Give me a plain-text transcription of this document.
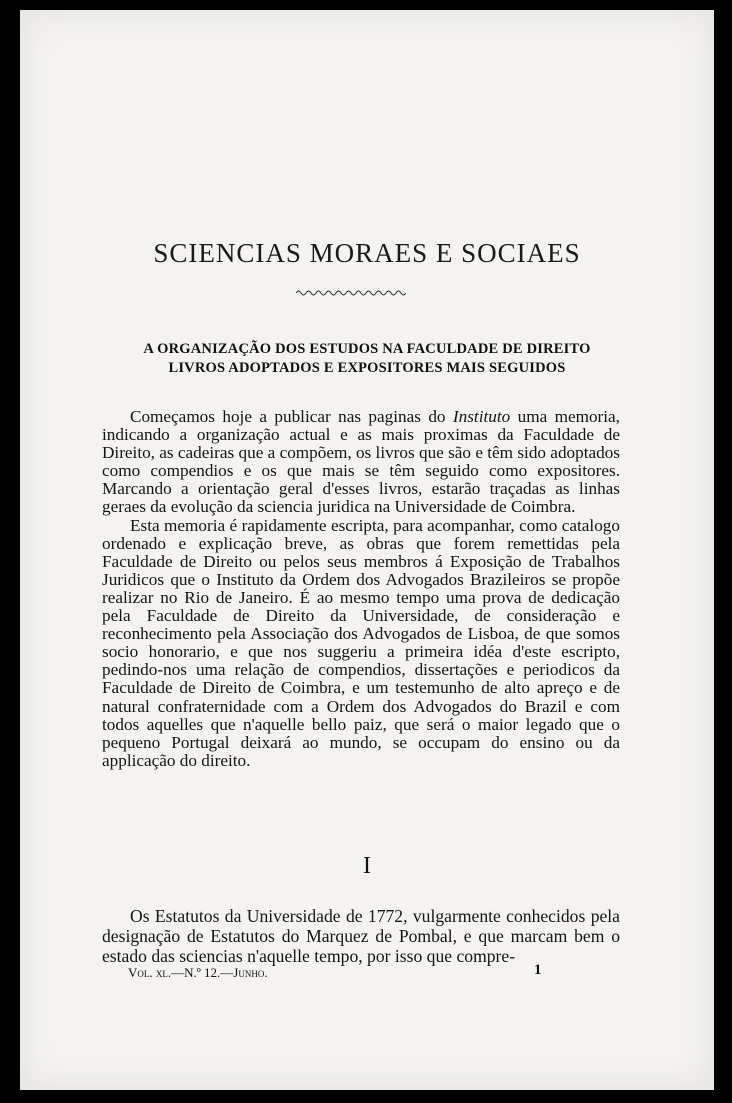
SCIENCIAS MORAES E SOCIAES
A ORGANIZAÇÃO DOS ESTUDOS NA FACULDADE DE DIREITO
LIVROS ADOPTADOS E EXPOSITORES MAIS SEGUIDOS

Começamos hoje a publicar nas paginas do Instituto uma memoria, indicando a organização actual e as mais proximas da Faculdade de Direito, as cadeiras que a compõem, os livros que são e têm sido adoptados como compendios e os que mais se têm seguido como expositores. Marcando a orientação geral d'esses livros, estarão traçadas as linhas geraes da evolução da sciencia juridica na Universidade de Coimbra.

Esta memoria é rapidamente escripta, para acompanhar, como catalogo ordenado e explicação breve, as obras que forem remettidas pela Faculdade de Direito ou pelos seus membros á Exposição de Trabalhos Juridicos que o Instituto da Ordem dos Advogados Brazileiros se propõe realizar no Rio de Janeiro. É ao mesmo tempo uma prova de dedicação pela Faculdade de Direito da Universidade, de consideração e reconhecimento pela Associação dos Advogados de Lisboa, de que somos socio honorario, e que nos suggeriu a primeira idéa d'este escripto, pedindo-nos uma relação de compendios, dissertações e periodicos da Faculdade de Direito de Coimbra, e um testemunho de alto apreço e de natural confraternidade com a Ordem dos Advogados do Brazil e com todos aquelles que n'aquelle bello paiz, que será o maior legado que o pequeno Portugal deixará ao mundo, se occupam do ensino ou da applicação do direito.

I

Os Estatutos da Universidade de 1772, vulgarmente conhecidos pela designação de Estatutos do Marquez de Pombal, e que marcam bem o estado das sciencias n'aquelle tempo, por isso que compre-

Vol. xl.—N.º 12.—Junho.	1
